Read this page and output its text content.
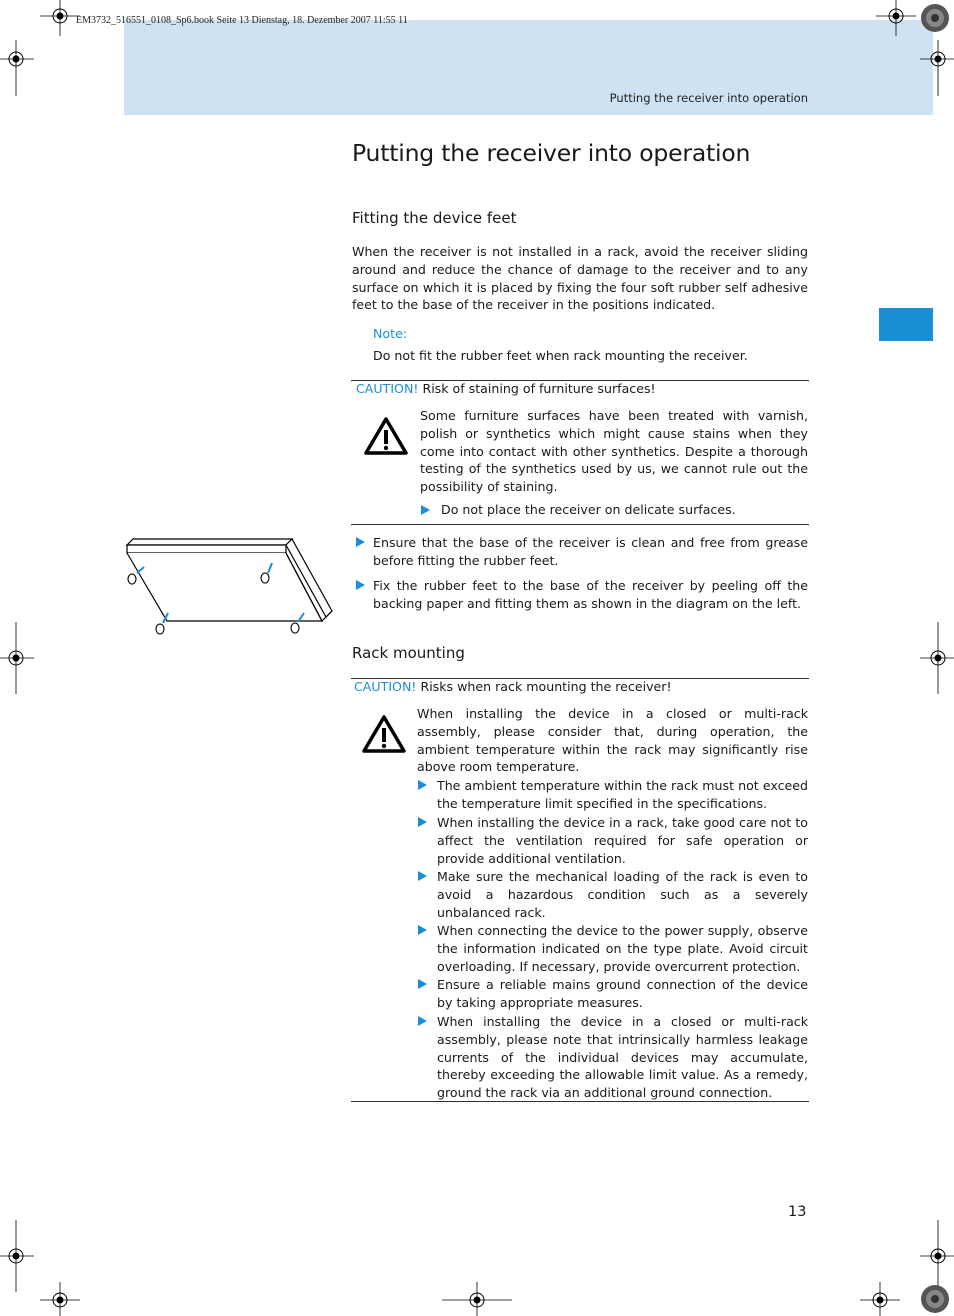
EM3732_516551_0108_Sp6.book Seite 13 Dienstag, 18. Dezember 2007 11:55 11
Putting the receiver into operation
Putting the receiver into operation
Fitting the device feet

When the receiver is not installed in a rack, avoid the receiver sliding around and reduce the chance of damage to the receiver and to any surface on which it is placed by fixing the four soft rubber self adhesive feet to the base of the receiver in the positions indicated.

Note:
Do not fit the rubber feet when rack mounting the receiver.
CAUTION! Risk of staining of furniture surfaces!

Some furniture surfaces have been treated with varnish, polish or synthetics which might cause stains when they come into contact with other synthetics. Despite a thorough testing of the synthetics used by us, we cannot rule out the possibility of staining.

Do not place the receiver on delicate surfaces.

Ensure that the base of the receiver is clean and free from grease before fitting the rubber feet.

Fix the rubber feet to the base of the receiver by peeling off the backing paper and fitting them as shown in the diagram on the left.

Rack mounting
CAUTION! Risks when rack mounting the receiver!

When installing the device in a closed or multi-rack assembly, please consider that, during operation, the ambient temperature within the rack may significantly rise above room temperature.

The ambient temperature within the rack must not exceed the temperature limit specified in the specifications.

When installing the device in a rack, take good care not to affect the ventilation required for safe operation or provide additional ventilation.

Make sure the mechanical loading of the rack is even to avoid a hazardous condition such as a severely unbalanced rack.

When connecting the device to the power supply, observe the information indicated on the type plate. Avoid circuit overloading. If necessary, provide overcurrent protection.

Ensure a reliable mains ground connection of the device by taking appropriate measures.

When installing the device in a closed or multi-rack assembly, please note that intrinsically harmless leakage currents of the individual devices may accumulate, thereby exceeding the allowable limit value. As a remedy, ground the rack via an additional ground connection.

13
